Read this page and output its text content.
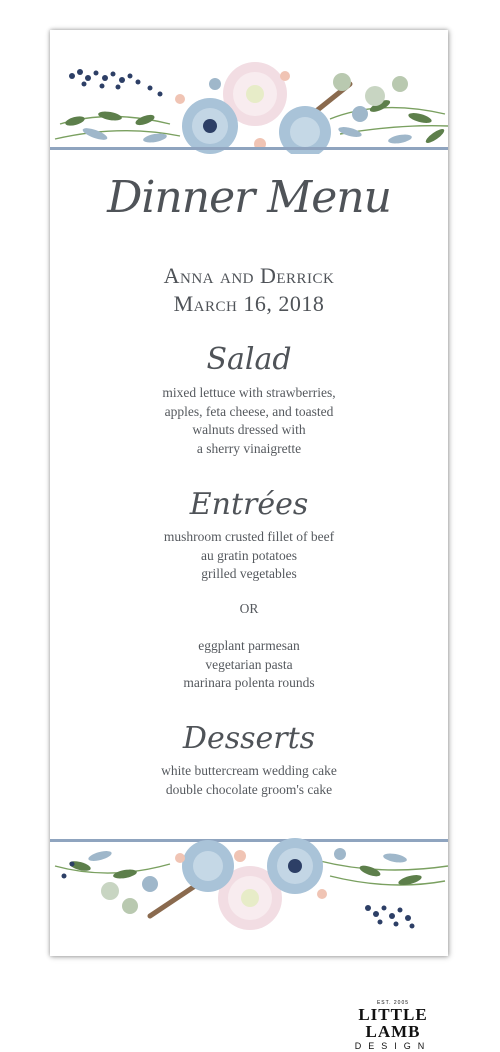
Dinner Menu
Anna and Derrick
March 16, 2018
Salad
mixed lettuce with strawberries,
apples, feta cheese, and toasted
walnuts dressed with
a sherry vinaigrette
Entrées
mushroom crusted fillet of beef
au gratin potatoes
grilled vegetables
OR
eggplant parmesan
vegetarian pasta
marinara polenta rounds
Desserts
white buttercream wedding cake
double chocolate groom's cake
EST. 2005
LITTLE LAMB
DESIGN
